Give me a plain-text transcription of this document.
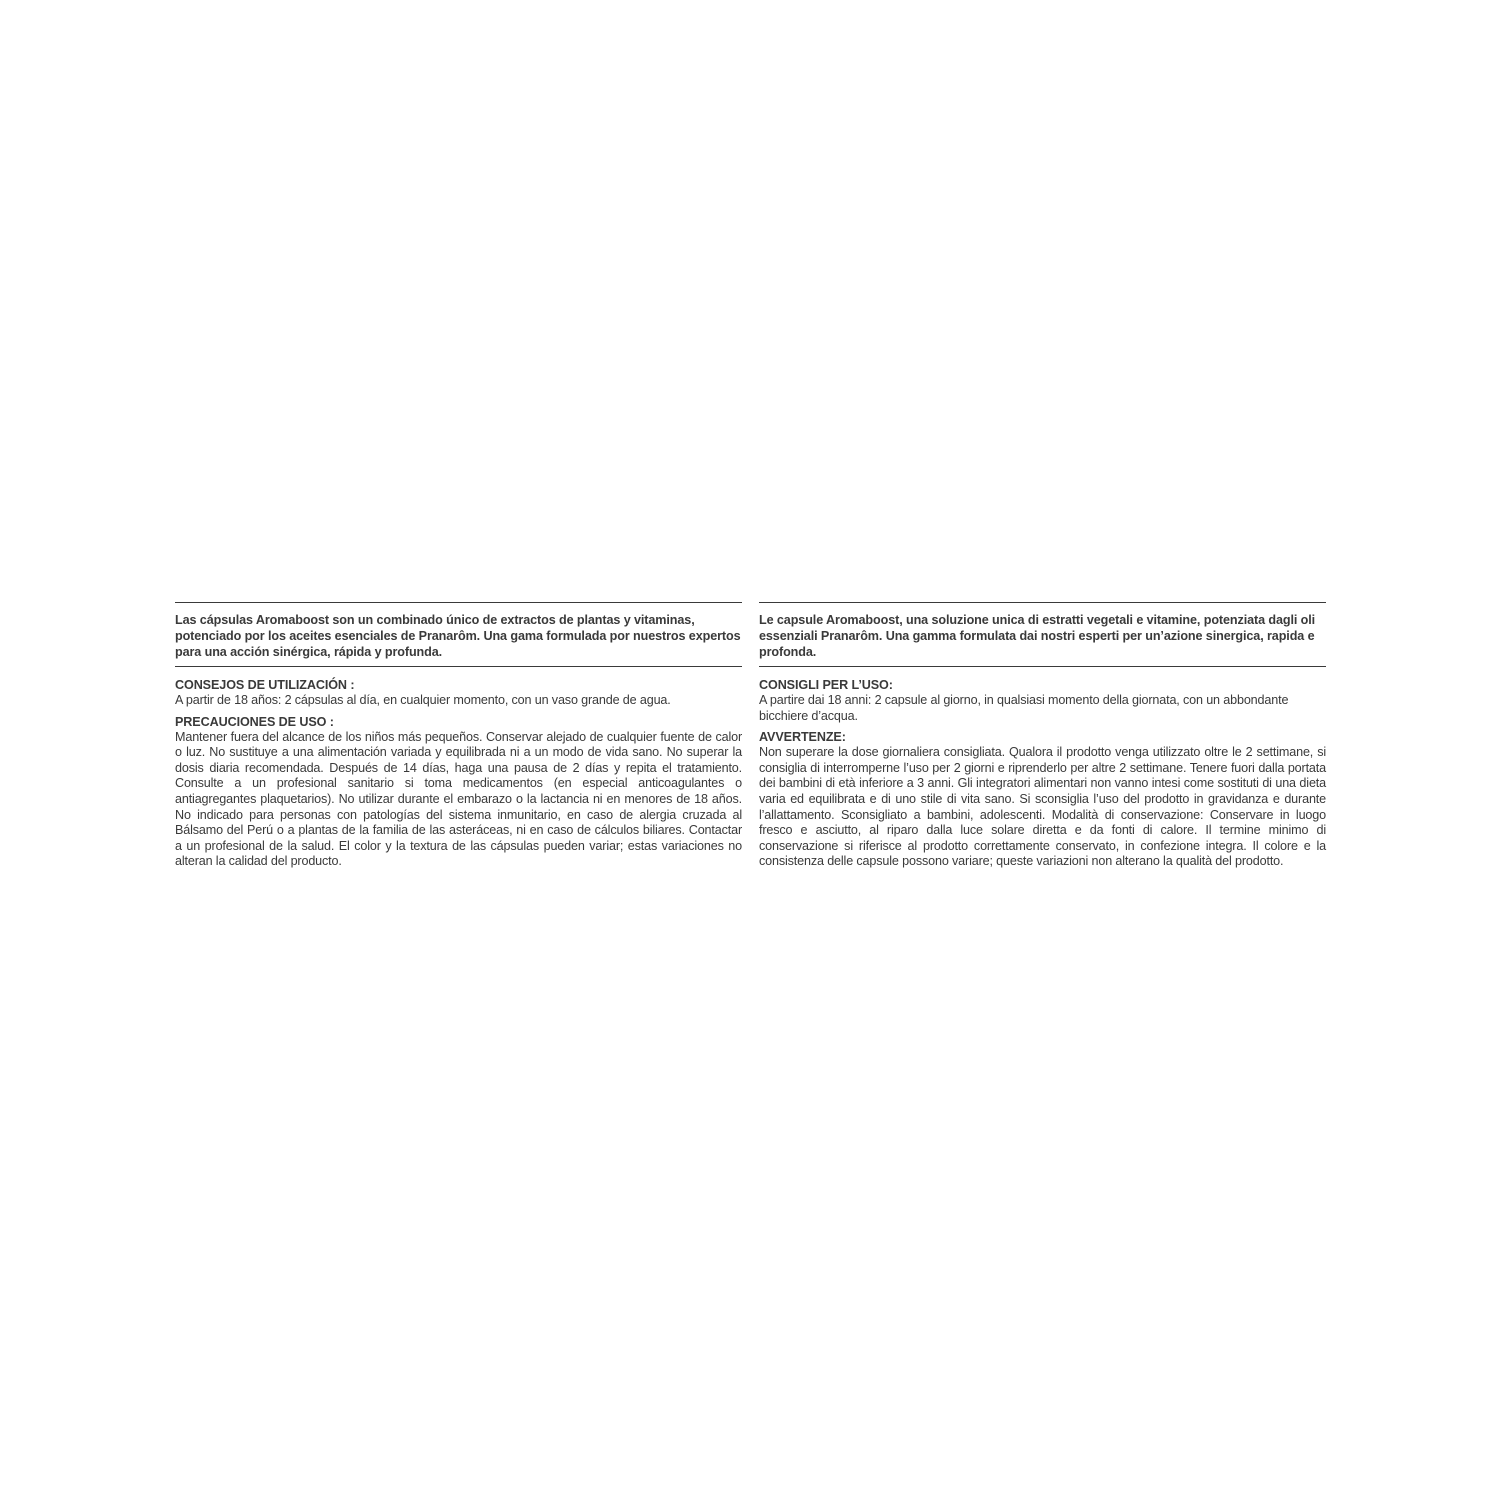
Las cápsulas Aromaboost son un combinado único de extractos de plantas y vitaminas, potenciado por los aceites esenciales de Pranarôm. Una gama formulada por nuestros expertos para una acción sinérgica, rápida y profunda.
CONSEJOS DE UTILIZACIÓN :
A partir de 18 años: 2 cápsulas al día, en cualquier momento, con un vaso grande de agua.
PRECAUCIONES DE USO :
Mantener fuera del alcance de los niños más pequeños. Conservar alejado de cualquier fuente de calor o luz. No sustituye a una alimentación variada y equilibrada ni a un modo de vida sano. No superar la dosis diaria recomendada. Después de 14 días, haga una pausa de 2 días y repita el tratamiento. Consulte a un profesional sanitario si toma medicamentos (en especial anticoagulantes o antiagregantes plaquetarios). No utilizar durante el embarazo o la lactancia ni en menores de 18 años. No indicado para personas con patologías del sistema inmunitario, en caso de alergia cruzada al Bálsamo del Perú o a plantas de la familia de las asteráceas, ni en caso de cálculos biliares. Contactar a un profesional de la salud. El color y la textura de las cápsulas pueden variar; estas variaciones no alteran la calidad del producto.
Le capsule Aromaboost, una soluzione unica di estratti vegetali e vitamine, potenziata dagli oli essenziali Pranarôm. Una gamma formulata dai nostri esperti per un’azione sinergica, rapida e profonda.
CONSIGLI PER L’USO:
A partire dai 18 anni: 2 capsule al giorno, in qualsiasi momento della giornata, con un abbondante bicchiere d’acqua.
AVVERTENZE:
Non superare la dose giornaliera consigliata. Qualora il prodotto venga utilizzato oltre le 2 settimane, si consiglia di interromperne l’uso per 2 giorni e riprenderlo per altre 2 settimane. Tenere fuori dalla portata dei bambini di età inferiore a 3 anni. Gli integratori alimentari non vanno intesi come sostituti di una dieta varia ed equilibrata e di uno stile di vita sano. Si sconsiglia l’uso del prodotto in gravidanza e durante l’allattamento. Sconsigliato a bambini, adolescenti. Modalità di conservazione: Conservare in luogo fresco e asciutto, al riparo dalla luce solare diretta e da fonti di calore. Il termine minimo di conservazione si riferisce al prodotto correttamente conservato, in confezione integra. Il colore e la consistenza delle capsule possono variare; queste variazioni non alterano la qualità del prodotto.
